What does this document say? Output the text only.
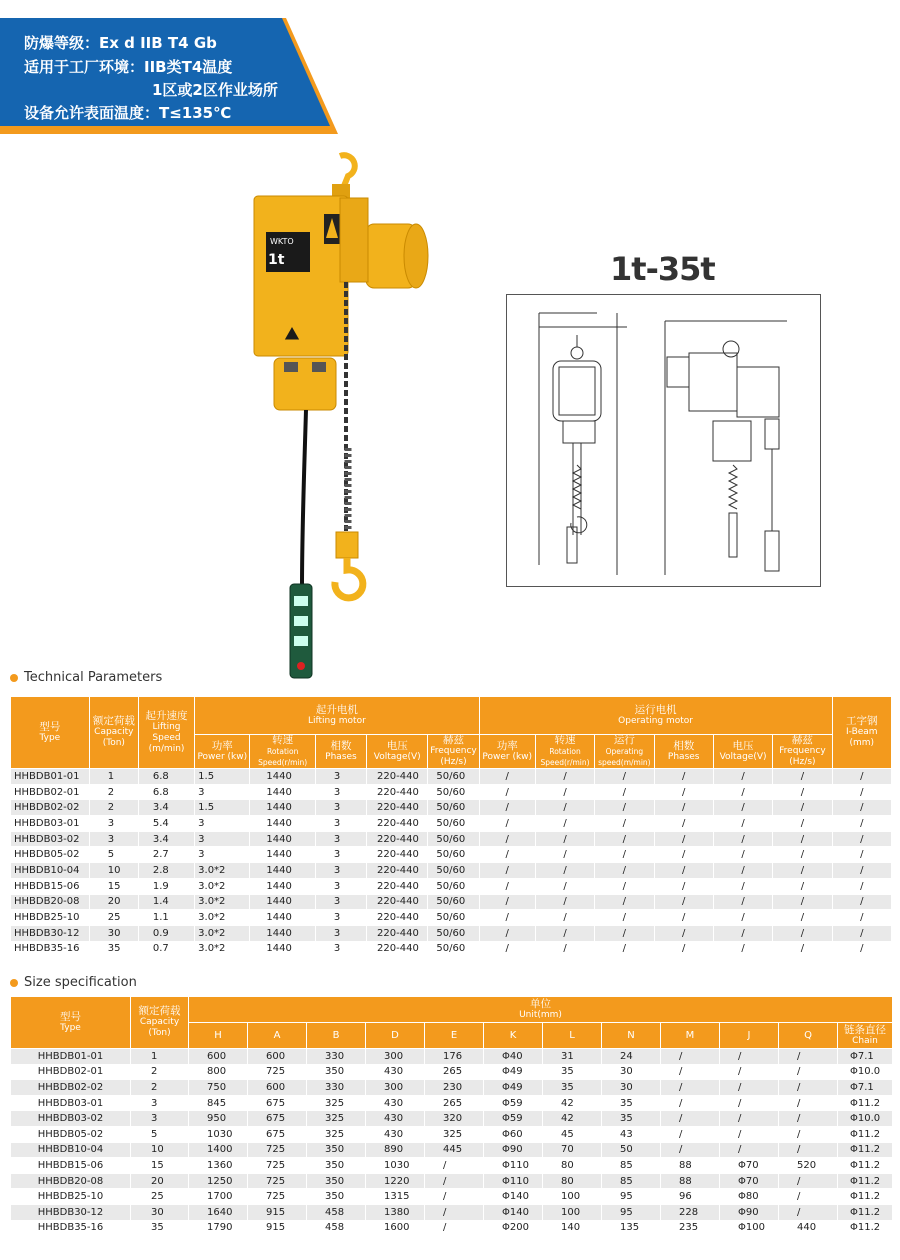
防爆等级：Ex d IIB T4 Gb
适用于工厂环境：IIB类T4温度
1区或2区作业场所
设备允许表面温度：T≤135℃
WKTO
1t	1t-35t
Technical Parameters
型号
Type	额定荷载
Capacity (Ton)	起升速度
Lifting Speed (m/min)	起升电机
Lifting motor					运行电机
Operating motor						工字钢
I-Beam (mm)

			功率
Power (kw)	转速
Rotation
Speed(r/min)	相数
Phases	电压
Voltage(V)	赫兹
Frequency (Hz/s)	功率
Power (kw)	转速
Rotation
Speed(r/min)	运行
Operating
speed(m/min)	相数
Phases	电压
Voltage(V)	赫兹
Frequency (Hz/s)	

HHBDB01-01	1	6.8	1.5	1440	3	220-440	50/60	/	/	/	/	/	/	/
HHBDB02-01	2	6.8	3	1440	3	220-440	50/60	/	/	/	/	/	/	/
HHBDB02-02	2	3.4	1.5	1440	3	220-440	50/60	/	/	/	/	/	/	/
HHBDB03-01	3	5.4	3	1440	3	220-440	50/60	/	/	/	/	/	/	/
HHBDB03-02	3	3.4	3	1440	3	220-440	50/60	/	/	/	/	/	/	/
HHBDB05-02	5	2.7	3	1440	3	220-440	50/60	/	/	/	/	/	/	/
HHBDB10-04	10	2.8	3.0*2	1440	3	220-440	50/60	/	/	/	/	/	/	/
HHBDB15-06	15	1.9	3.0*2	1440	3	220-440	50/60	/	/	/	/	/	/	/
HHBDB20-08	20	1.4	3.0*2	1440	3	220-440	50/60	/	/	/	/	/	/	/
HHBDB25-10	25	1.1	3.0*2	1440	3	220-440	50/60	/	/	/	/	/	/	/
HHBDB30-12	30	0.9	3.0*2	1440	3	220-440	50/60	/	/	/	/	/	/	/
HHBDB35-16	35	0.7	3.0*2	1440	3	220-440	50/60	/	/	/	/	/	/	/
Size specification
型号
Type	额定荷载
Capacity (Ton)	单位
Unit(mm)											

		H	A	B	D	E	K	L	N	M	J	Q	链条直径
Chain

HHBDB01-01	1	600	600	330	300	176	Φ40	31	24	/	/	/	Φ7.1
HHBDB02-01	2	800	725	350	430	265	Φ49	35	30	/	/	/	Φ10.0
HHBDB02-02	2	750	600	330	300	230	Φ49	35	30	/	/	/	Φ7.1
HHBDB03-01	3	845	675	325	430	265	Φ59	42	35	/	/	/	Φ11.2
HHBDB03-02	3	950	675	325	430	320	Φ59	42	35	/	/	/	Φ10.0
HHBDB05-02	5	1030	675	325	430	325	Φ60	45	43	/	/	/	Φ11.2
HHBDB10-04	10	1400	725	350	890	445	Φ90	70	50	/	/	/	Φ11.2
HHBDB15-06	15	1360	725	350	1030	/	Φ110	80	85	88	Φ70	520	Φ11.2
HHBDB20-08	20	1250	725	350	1220	/	Φ110	80	85	88	Φ70	/	Φ11.2
HHBDB25-10	25	1700	725	350	1315	/	Φ140	100	95	96	Φ80	/	Φ11.2
HHBDB30-12	30	1640	915	458	1380	/	Φ140	100	95	228	Φ90	/	Φ11.2
HHBDB35-16	35	1790	915	458	1600	/	Φ200	140	135	235	Φ100	440	Φ11.2
